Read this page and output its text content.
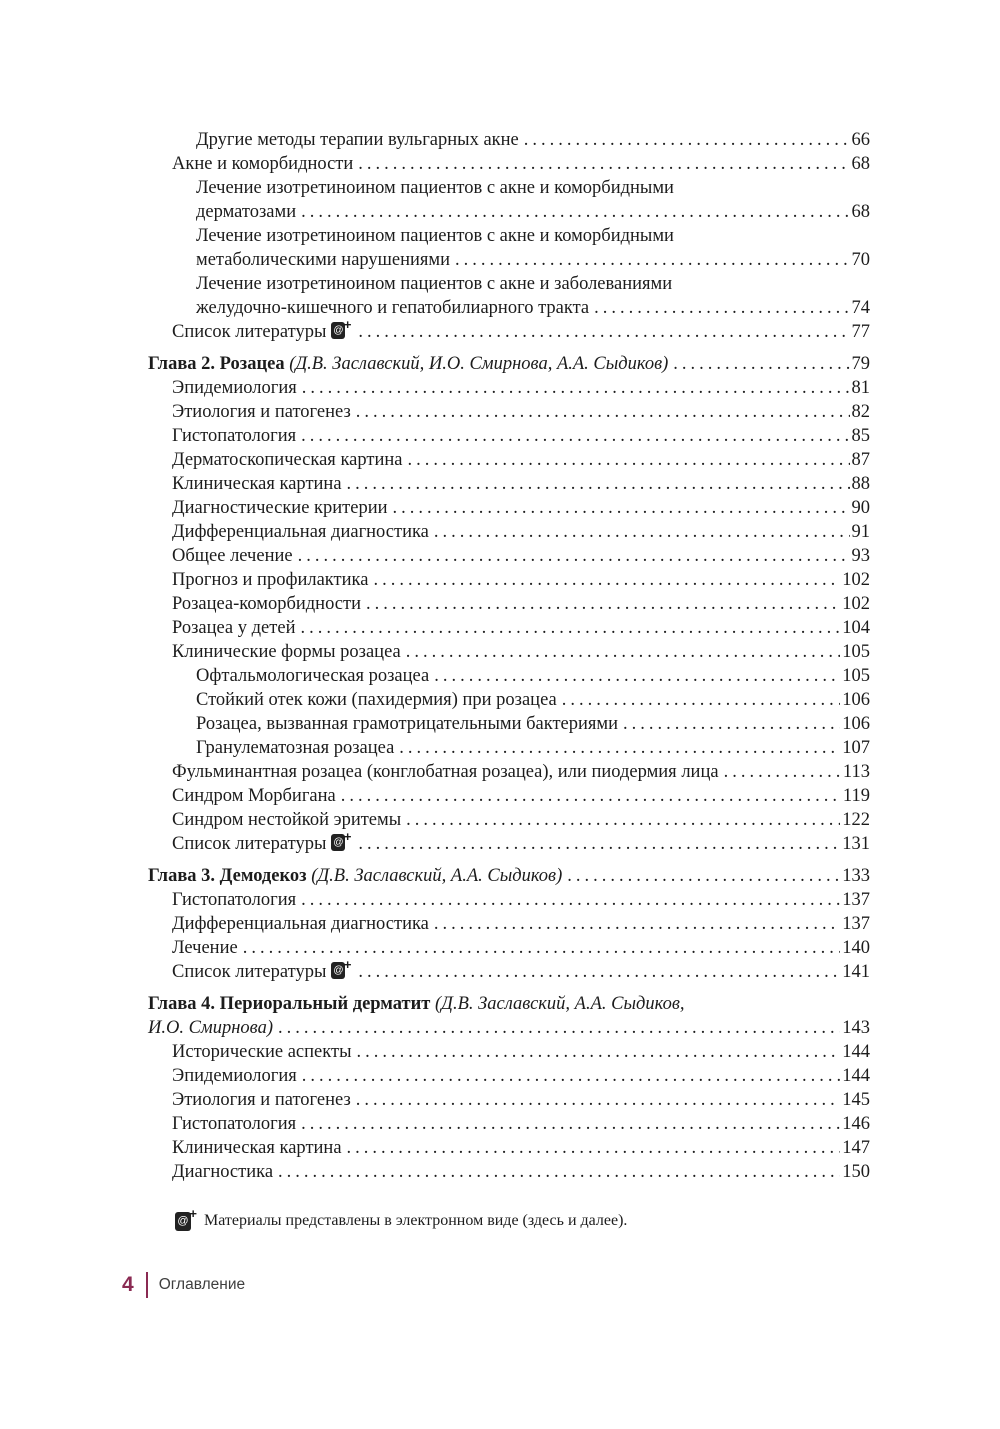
Другие методы терапии вульгарных акне .....	66
Акне и коморбидности .....	68
Лечение изотретиноином пациентов с акне и коморбидными
дерматозами .....	68
Лечение изотретиноином пациентов с акне и коморбидными
метаболическими нарушениями .....	70
Лечение изотретиноином пациентов с акне и заболеваниями
желудочно-кишечного и гепатобилиарного тракта .....	74
Список литературы @ + .....	77
Глава 2. Розацеа (Д.В. Заславский, И.О. Смирнова, А.А. Сыдиков) .....	79
Эпидемиология .....	81
Этиология и патогенез .....	82
Гистопатология .....	85
Дерматоскопическая картина .....	87
Клиническая картина .....	88
Диагностические критерии .....	90
Дифференциальная диагностика .....	91
Общее лечение .....	93
Прогноз и профилактика .....	102
Розацеа-коморбидности .....	102
Розацеа у детей .....	104
Клинические формы розацеа .....	105
Офтальмологическая розацеа .....	105
Стойкий отек кожи (пахидермия) при розацеа .....	106
Розацеа, вызванная грамотрицательными бактериями .....	106
Гранулематозная розацеа .....	107
Фульминантная розацеа (конглобатная розацеа), или пиодермия лица .....	113
Синдром Морбигана .....	119
Синдром нестойкой эритемы .....	122
Список литературы @ + .....	131
Глава 3. Демодекоз (Д.В. Заславский, А.А. Сыдиков) .....	133
Гистопатология .....	137
Дифференциальная диагностика .....	137
Лечение .....	140
Список литературы @ + .....	141
Глава 4. Периоральный дерматит (Д.В. Заславский, А.А. Сыдиков,
И.О. Смирнова) .....	143
Исторические аспекты .....	144
Эпидемиология .....	144
Этиология и патогенез .....	145
Гистопатология .....	146
Клиническая картина .....	147
Диагностика .....	150
@ +
Материалы представлены в электронном виде (здесь и далее).
4 Оглавление
